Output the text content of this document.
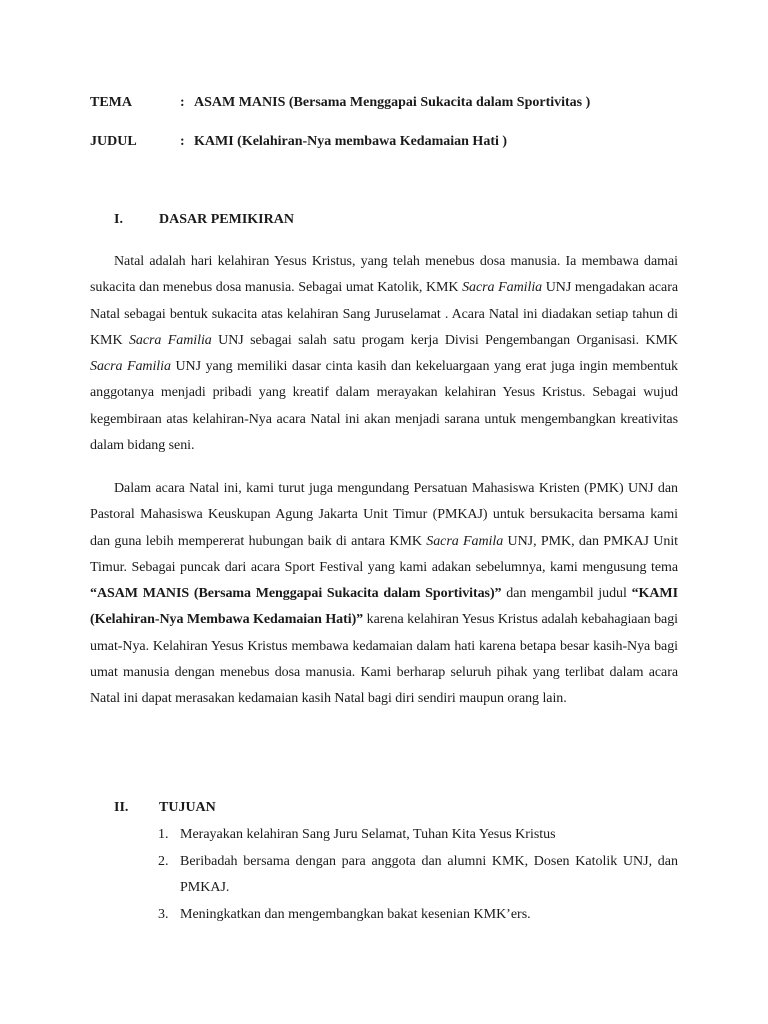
TEMA	: ASAM MANIS (Bersama Menggapai Sukacita dalam Sportivitas )
JUDUL	: KAMI (Kelahiran-Nya membawa Kedamaian Hati )
I.	DASAR PEMIKIRAN

Natal adalah hari kelahiran Yesus Kristus, yang telah menebus dosa manusia. Ia membawa damai sukacita dan menebus dosa manusia. Sebagai umat Katolik, KMK Sacra Familia UNJ mengadakan acara Natal sebagai bentuk sukacita atas kelahiran Sang Juruselamat . Acara Natal ini diadakan setiap tahun di KMK Sacra Familia UNJ sebagai salah satu progam kerja Divisi Pengembangan Organisasi. KMK Sacra Familia UNJ yang memiliki dasar cinta kasih dan kekeluargaan yang erat juga ingin membentuk anggotanya menjadi pribadi yang kreatif dalam merayakan kelahiran Yesus Kristus. Sebagai wujud kegembiraan atas kelahiran-Nya acara Natal ini akan menjadi sarana untuk mengembangkan kreativitas dalam bidang seni.

Dalam acara Natal ini, kami turut juga mengundang Persatuan Mahasiswa Kristen (PMK) UNJ dan Pastoral Mahasiswa Keuskupan Agung Jakarta Unit Timur (PMKAJ) untuk bersukacita bersama kami dan guna lebih mempererat hubungan baik di antara KMK Sacra Famila UNJ, PMK, dan PMKAJ Unit Timur. Sebagai puncak dari acara Sport Festival yang kami adakan sebelumnya, kami mengusung tema “ASAM MANIS (Bersama Menggapai Sukacita dalam Sportivitas)” dan mengambil judul “KAMI (Kelahiran-Nya Membawa Kedamaian Hati)” karena kelahiran Yesus Kristus adalah kebahagiaan bagi umat-Nya. Kelahiran Yesus Kristus membawa kedamaian dalam hati karena betapa besar kasih-Nya bagi umat manusia dengan menebus dosa manusia. Kami berharap seluruh pihak yang terlibat dalam acara Natal ini dapat merasakan kedamaian kasih Natal bagi diri sendiri maupun orang lain.

II. TUJUAN
1. Merayakan kelahiran Sang Juru Selamat, Tuhan Kita Yesus Kristus
2. Beribadah bersama dengan para anggota dan alumni KMK, Dosen Katolik UNJ, dan PMKAJ.
3. Meningkatkan dan mengembangkan bakat kesenian KMK’ers.
